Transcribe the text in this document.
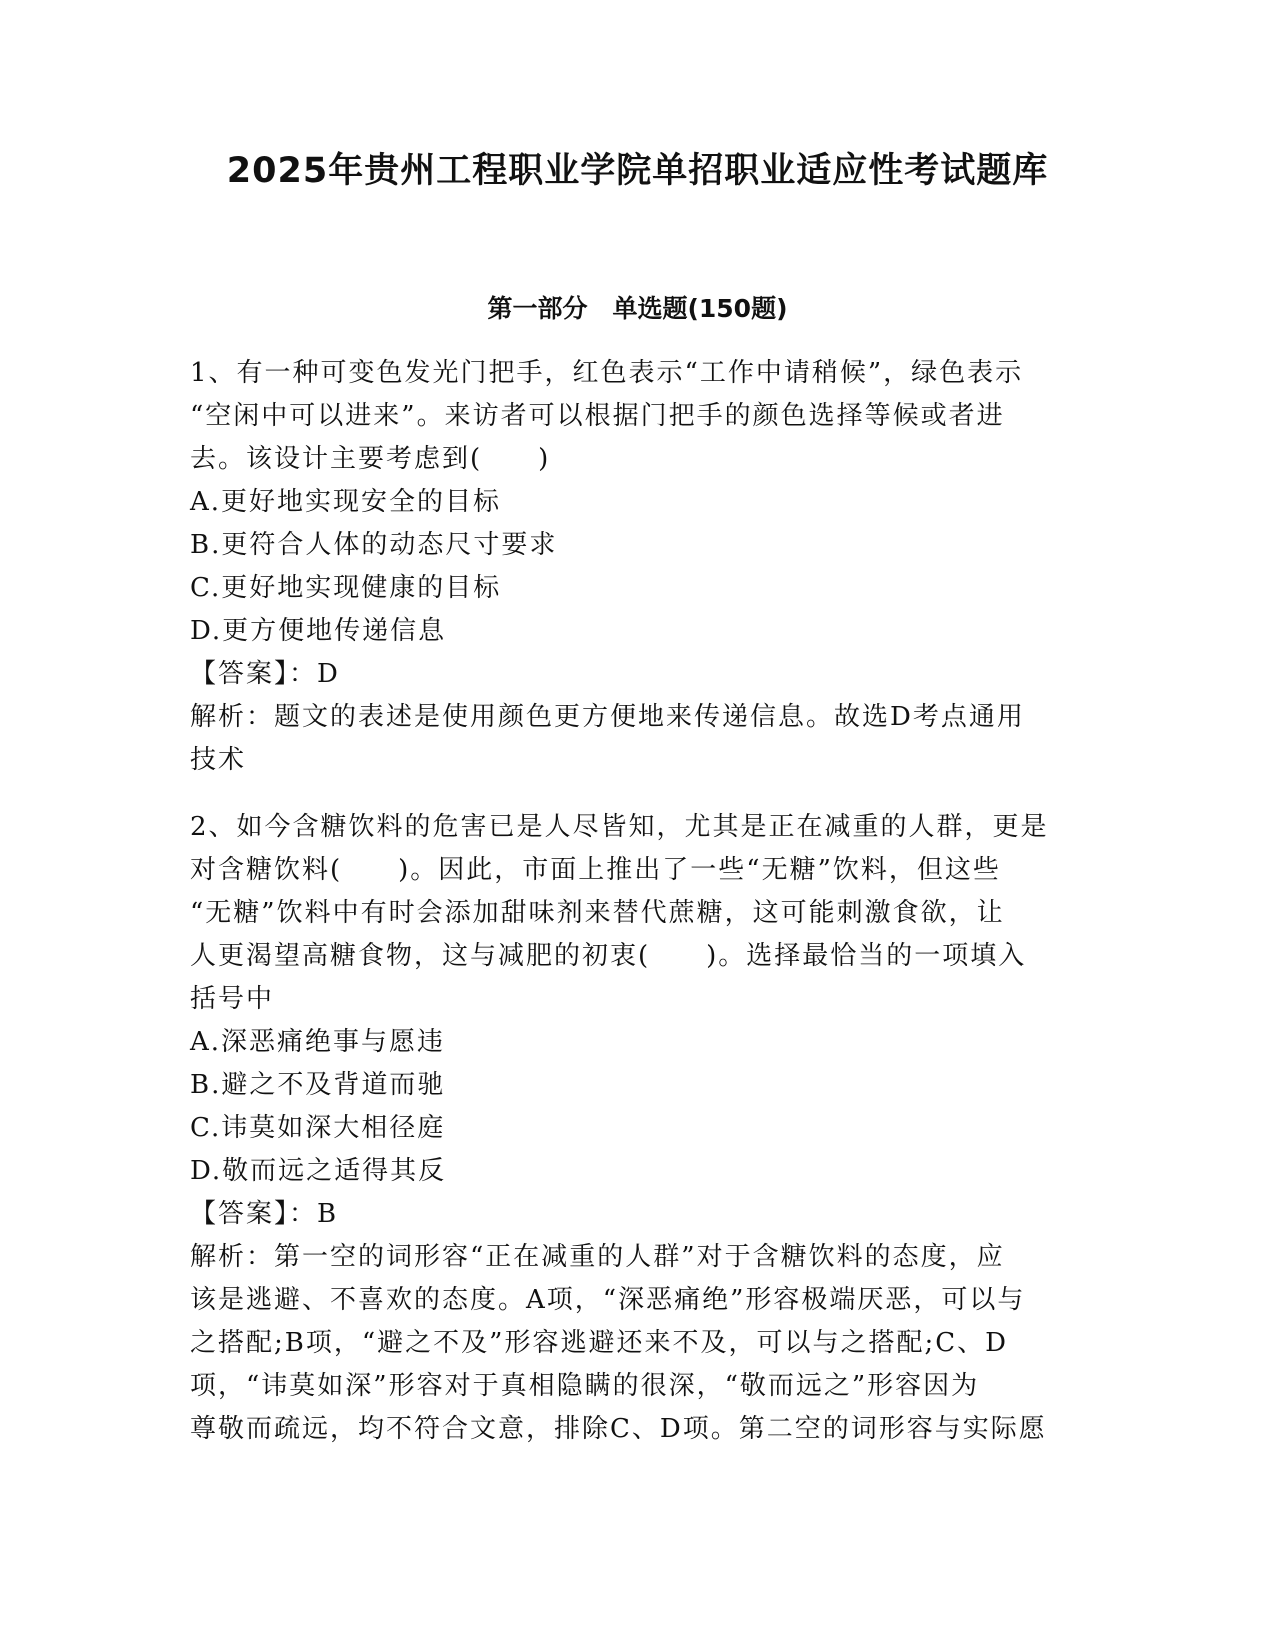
2025年贵州工程职业学院单招职业适应性考试题库
第一部分　单选题(150题)
1、有一种可变色发光门把手，红色表示“工作中请稍候”，绿色表示
“空闲中可以进来”。来访者可以根据门把手的颜色选择等候或者进
去。该设计主要考虑到(　　)
A.更好地实现安全的目标
B.更符合人体的动态尺寸要求
C.更好地实现健康的目标
D.更方便地传递信息
【答案】：D
解析：题文的表述是使用颜色更方便地来传递信息。故选D考点通用
技术
2、如今含糖饮料的危害已是人尽皆知，尤其是正在减重的人群，更是
对含糖饮料(　　)。因此，市面上推出了一些“无糖”饮料，但这些
“无糖”饮料中有时会添加甜味剂来替代蔗糖，这可能刺激食欲，让
人更渴望高糖食物，这与减肥的初衷(　　)。选择最恰当的一项填入
括号中
A.深恶痛绝事与愿违
B.避之不及背道而驰
C.讳莫如深大相径庭
D.敬而远之适得其反
【答案】：B
解析：第一空的词形容“正在减重的人群”对于含糖饮料的态度，应
该是逃避、不喜欢的态度。A项，“深恶痛绝”形容极端厌恶，可以与
之搭配;B项，“避之不及”形容逃避还来不及，可以与之搭配;C、D
项，“讳莫如深”形容对于真相隐瞒的很深，“敬而远之”形容因为
尊敬而疏远，均不符合文意，排除C、D项。第二空的词形容与实际愿
